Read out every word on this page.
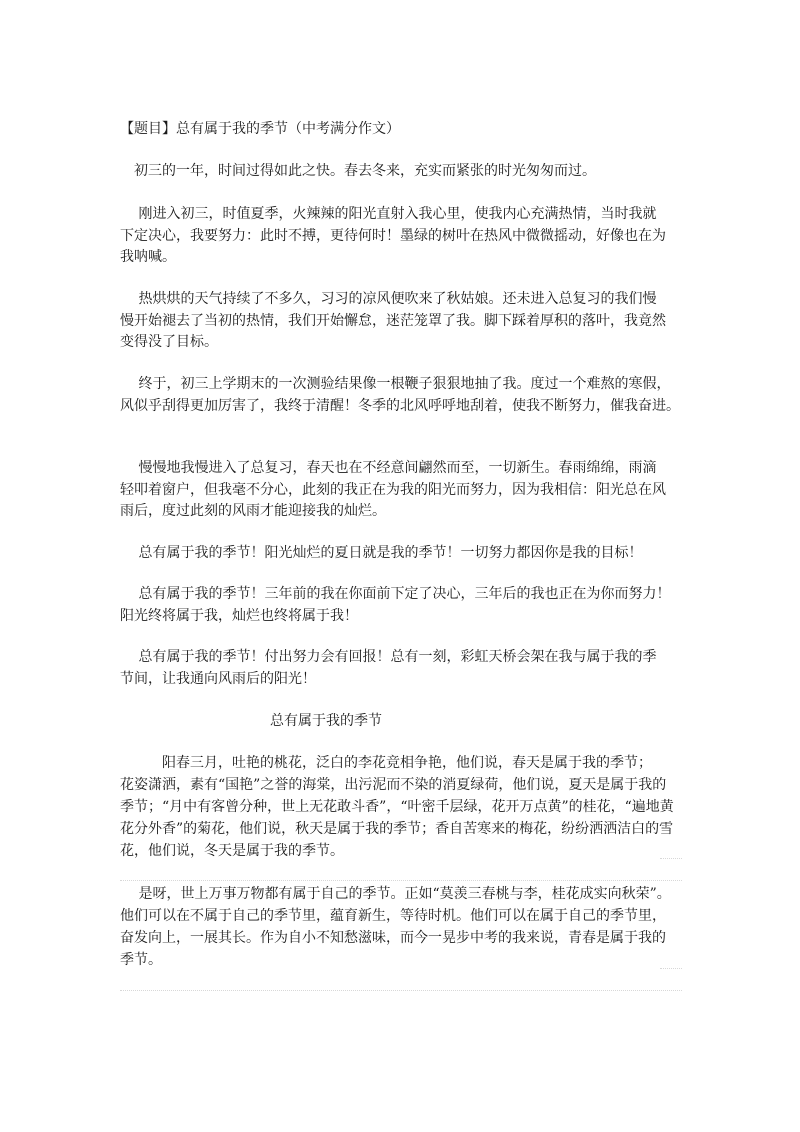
【题目】总有属于我的季节（中考满分作文）

　初三的一年，时间过得如此之快。春去冬来，充实而紧张的时光匆匆而过。

　 刚进入初三，时值夏季，火辣辣的阳光直射入我心里，使我内心充满热情，当时我就

下定决心，我要努力：此时不搏，更待何时！墨绿的树叶在热风中微微摇动，好像也在为

我呐喊。

　 热烘烘的天气持续了不多久，习习的凉风便吹来了秋姑娘。还未进入总复习的我们慢

慢开始褪去了当初的热情，我们开始懈怠，迷茫笼罩了我。脚下踩着厚积的落叶，我竟然

变得没了目标。

　 终于，初三上学期末的一次测验结果像一根鞭子狠狠地抽了我。度过一个难熬的寒假，

风似乎刮得更加厉害了，我终于清醒！冬季的北风呼呼地刮着，使我不断努力，催我奋进。

　 慢慢地我慢进入了总复习，春天也在不经意间翩然而至，一切新生。春雨绵绵，雨滴

轻叩着窗户，但我毫不分心，此刻的我正在为我的阳光而努力，因为我相信：阳光总在风

雨后，度过此刻的风雨才能迎接我的灿烂。

　 总有属于我的季节！阳光灿烂的夏日就是我的季节！一切努力都因你是我的目标！

　 总有属于我的季节！三年前的我在你面前下定了决心，三年后的我也正在为你而努力！

阳光终将属于我，灿烂也终将属于我！

　 总有属于我的季节！付出努力会有回报！总有一刻，彩虹天桥会架在我与属于我的季

节间，让我通向风雨后的阳光！

总有属于我的季节

　　　阳春三月，吐艳的桃花，泛白的李花竞相争艳，他们说，春天是属于我的季节；

花姿潇洒，素有“国艳”之誉的海棠，出污泥而不染的消夏绿荷，他们说，夏天是属于我的

季节；“月中有客曾分种，世上无花敢斗香”，“叶密千层绿，花开万点黄”的桂花，“遍地黄

花分外香”的菊花，他们说，秋天是属于我的季节；香自苦寒来的梅花，纷纷洒洒洁白的雪

花，他们说，冬天是属于我的季节。

　 是呀，世上万事万物都有属于自己的季节。正如“莫羡三春桃与李，桂花成实向秋荣”。

他们可以在不属于自己的季节里，蕴育新生，等待时机。他们可以在属于自己的季节里，

奋发向上，一展其长。作为自小不知愁滋味，而今一晃步中考的我来说，青春是属于我的

季节。
